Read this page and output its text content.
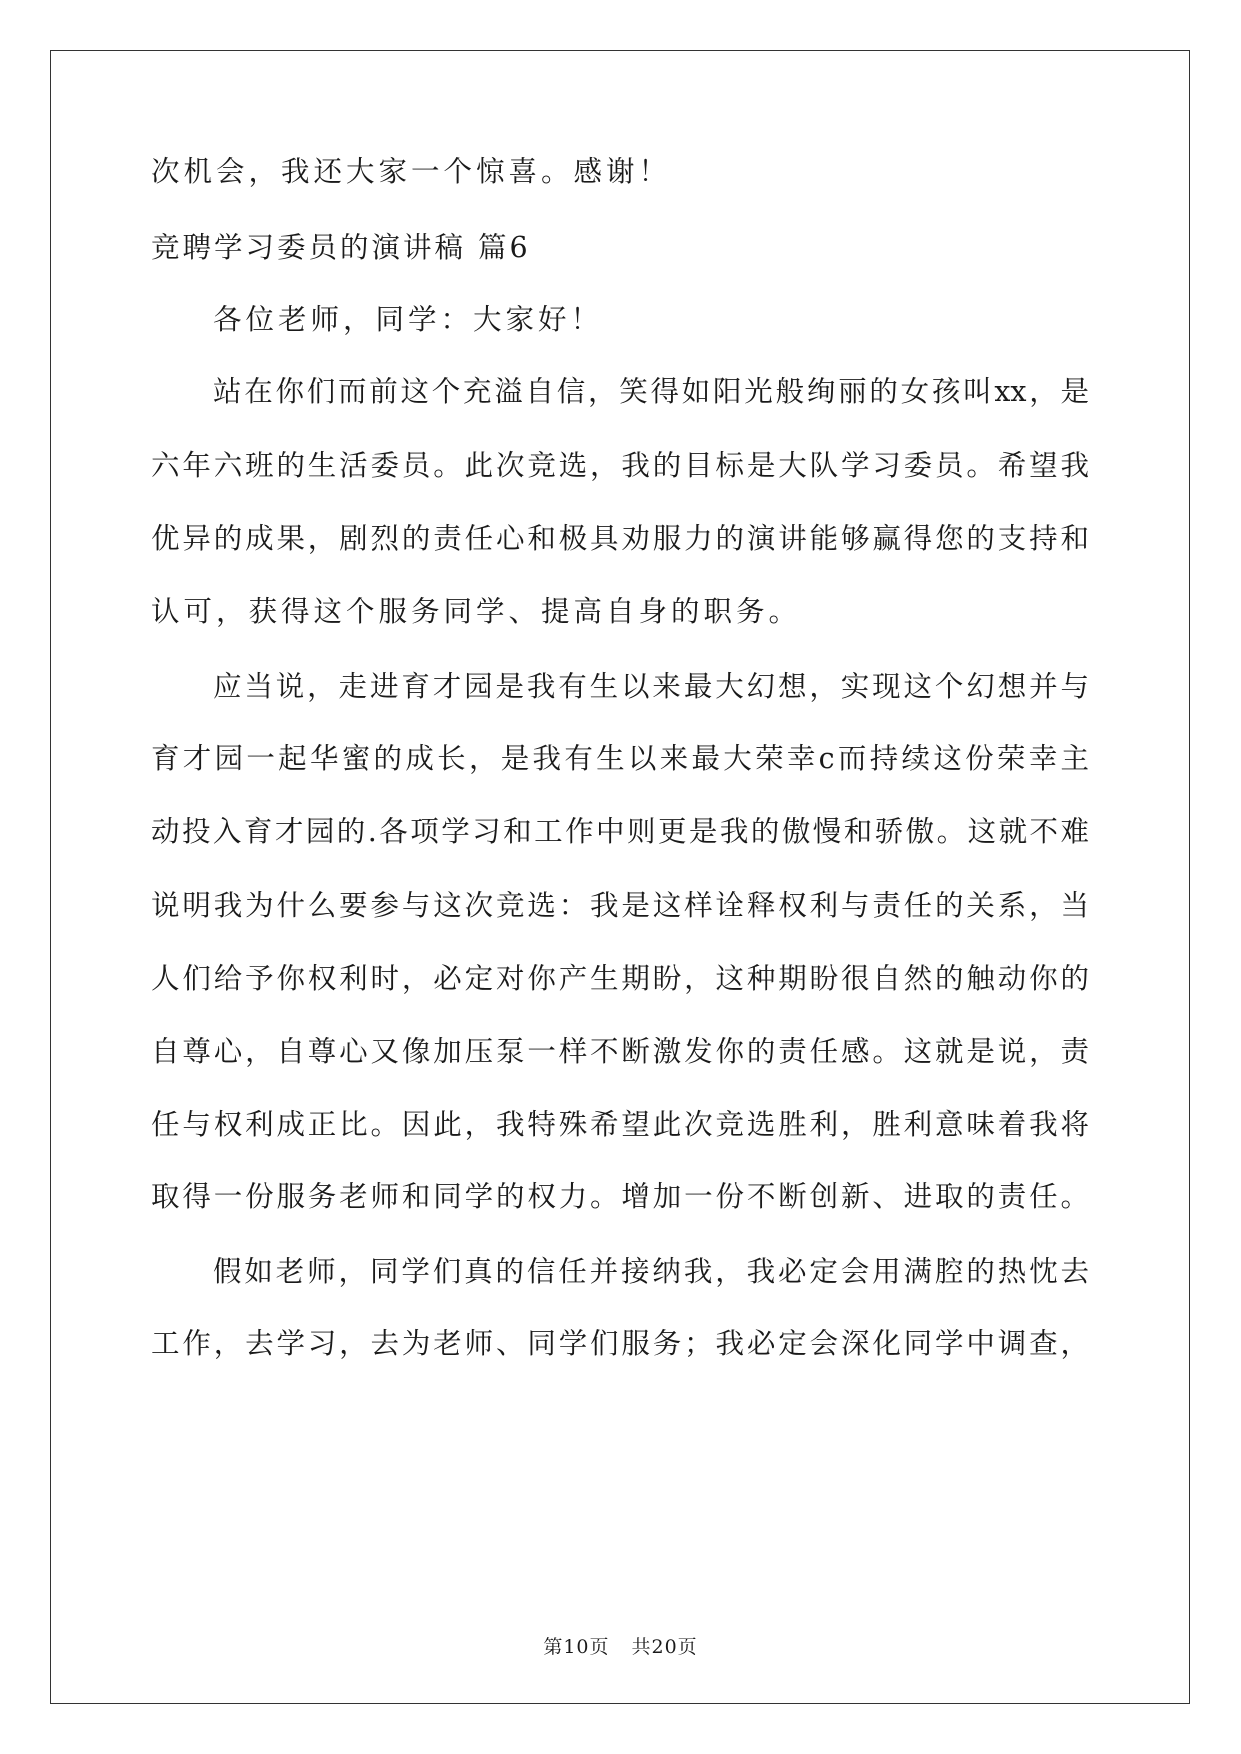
次机会，我还大家一个惊喜。感谢！
竞聘学习委员的演讲稿 篇6
各位老师，同学：大家好！
站在你们而前这个充溢自信，笑得如阳光般绚丽的女孩叫xx，是
六年六班的生活委员。此次竞选，我的目标是大队学习委员。希望我
优异的成果，剧烈的责任心和极具劝服力的演讲能够赢得您的支持和
认可，获得这个服务同学、提高自身的职务。
应当说，走进育才园是我有生以来最大幻想，实现这个幻想并与
育才园一起华蜜的成长，是我有生以来最大荣幸c而持续这份荣幸主
动投入育才园的.各项学习和工作中则更是我的傲慢和骄傲。这就不难
说明我为什么要参与这次竞选：我是这样诠释权利与责任的关系，当
人们给予你权利时，必定对你产生期盼，这种期盼很自然的触动你的
自尊心，自尊心又像加压泵一样不断激发你的责任感。这就是说，责
任与权利成正比。因此，我特殊希望此次竞选胜利，胜利意味着我将
取得一份服务老师和同学的权力。增加一份不断创新、进取的责任。
假如老师，同学们真的信任并接纳我，我必定会用满腔的热忱去
工作，去学习，去为老师、同学们服务；我必定会深化同学中调查，
第10页 共20页
